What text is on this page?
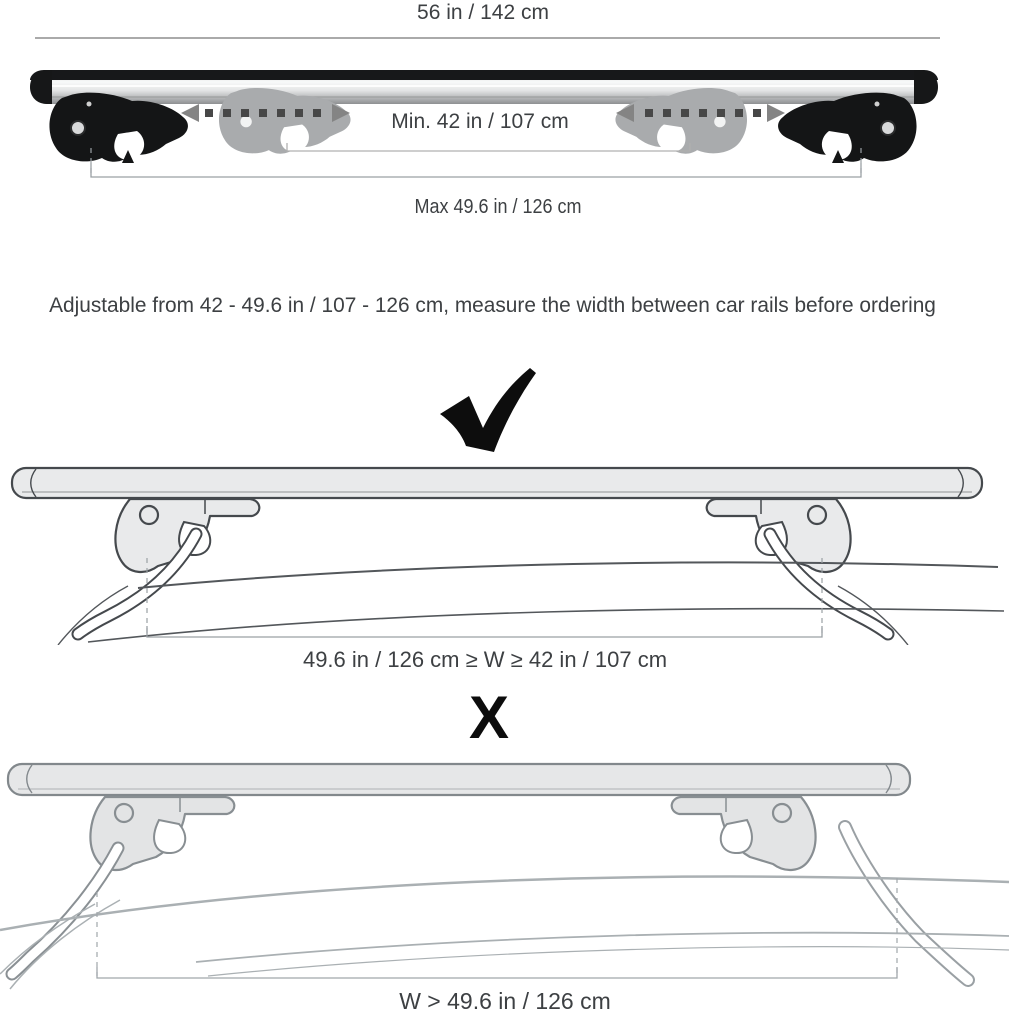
56 in / 142 cm
Min. 42 in / 107 cm
Max 49.6 in / 126 cm
Adjustable from 42 - 49.6 in / 107 - 126 cm, measure the width between car rails before ordering
49.6 in / 126 cm ≥ W ≥ 42 in / 107 cm
X
W > 49.6 in / 126 cm
